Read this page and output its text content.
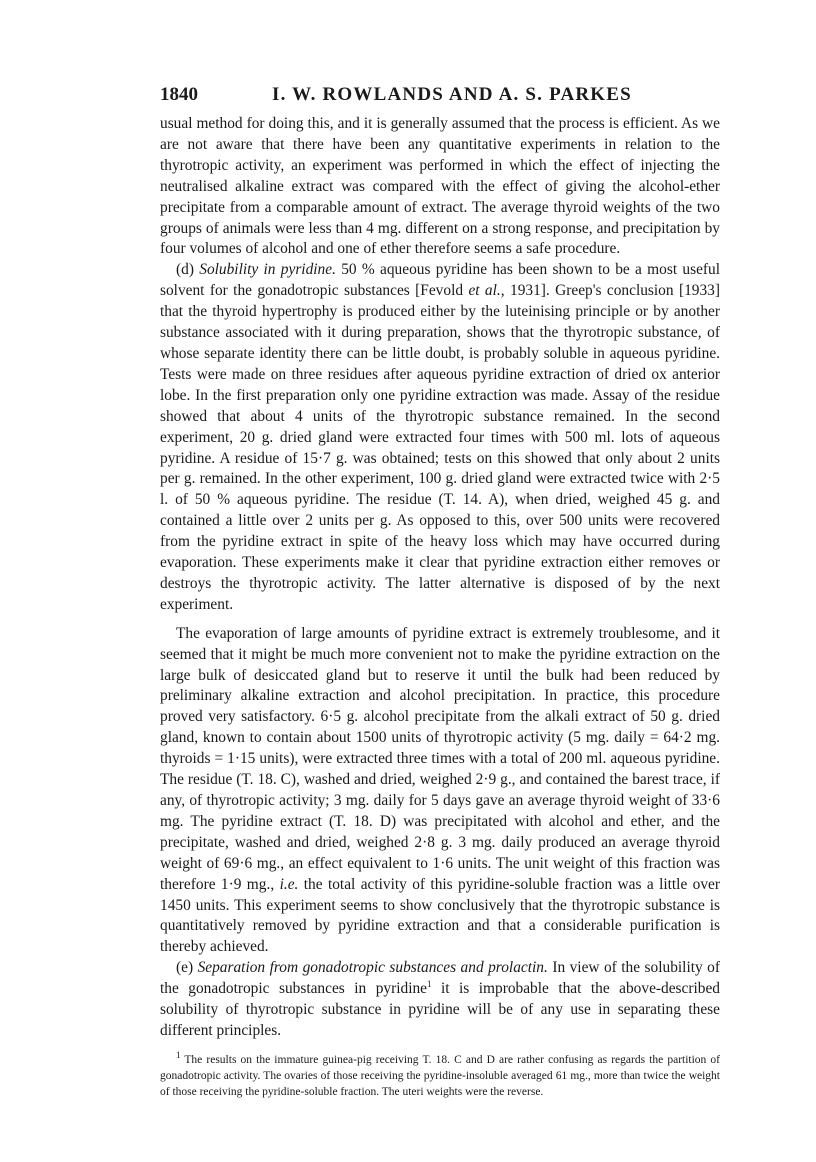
1840	I. W. ROWLANDS AND A. S. PARKES

usual method for doing this, and it is generally assumed that the process is efficient. As we are not aware that there have been any quantitative experiments in relation to the thyrotropic activity, an experiment was performed in which the effect of injecting the neutralised alkaline extract was compared with the effect of giving the alcohol-ether precipitate from a comparable amount of extract. The average thyroid weights of the two groups of animals were less than 4 mg. different on a strong response, and precipitation by four volumes of alcohol and one of ether therefore seems a safe procedure.

(d) Solubility in pyridine. 50 % aqueous pyridine has been shown to be a most useful solvent for the gonadotropic substances [Fevold et al., 1931]. Greep's conclusion [1933] that the thyroid hypertrophy is produced either by the luteinising principle or by another substance associated with it during preparation, shows that the thyrotropic substance, of whose separate identity there can be little doubt, is probably soluble in aqueous pyridine. Tests were made on three residues after aqueous pyridine extraction of dried ox anterior lobe. In the first preparation only one pyridine extraction was made. Assay of the residue showed that about 4 units of the thyrotropic substance remained. In the second experiment, 20 g. dried gland were extracted four times with 500 ml. lots of aqueous pyridine. A residue of 15·7 g. was obtained; tests on this showed that only about 2 units per g. remained. In the other experiment, 100 g. dried gland were extracted twice with 2·5 l. of 50 % aqueous pyridine. The residue (T. 14. A), when dried, weighed 45 g. and contained a little over 2 units per g. As opposed to this, over 500 units were recovered from the pyridine extract in spite of the heavy loss which may have occurred during evaporation. These experiments make it clear that pyridine extraction either removes or destroys the thyrotropic activity. The latter alternative is disposed of by the next experiment.

The evaporation of large amounts of pyridine extract is extremely troublesome, and it seemed that it might be much more convenient not to make the pyridine extraction on the large bulk of desiccated gland but to reserve it until the bulk had been reduced by preliminary alkaline extraction and alcohol precipitation. In practice, this procedure proved very satisfactory. 6·5 g. alcohol precipitate from the alkali extract of 50 g. dried gland, known to contain about 1500 units of thyrotropic activity (5 mg. daily = 64·2 mg. thyroids = 1·15 units), were extracted three times with a total of 200 ml. aqueous pyridine. The residue (T. 18. C), washed and dried, weighed 2·9 g., and contained the barest trace, if any, of thyrotropic activity; 3 mg. daily for 5 days gave an average thyroid weight of 33·6 mg. The pyridine extract (T. 18. D) was precipitated with alcohol and ether, and the precipitate, washed and dried, weighed 2·8 g. 3 mg. daily produced an average thyroid weight of 69·6 mg., an effect equivalent to 1·6 units. The unit weight of this fraction was therefore 1·9 mg., i.e. the total activity of this pyridine-soluble fraction was a little over 1450 units. This experiment seems to show conclusively that the thyrotropic substance is quantitatively removed by pyridine extraction and that a considerable purification is thereby achieved.

(e) Separation from gonadotropic substances and prolactin. In view of the solubility of the gonadotropic substances in pyridine$^1$ it is improbable that the above-described solubility of thyrotropic substance in pyridine will be of any use in separating these different principles.

$^1$ The results on the immature guinea-pig receiving T. 18. C and D are rather confusing as regards the partition of gonadotropic activity. The ovaries of those receiving the pyridine-insoluble averaged 61 mg., more than twice the weight of those receiving the pyridine-soluble fraction. The uteri weights were the reverse.
